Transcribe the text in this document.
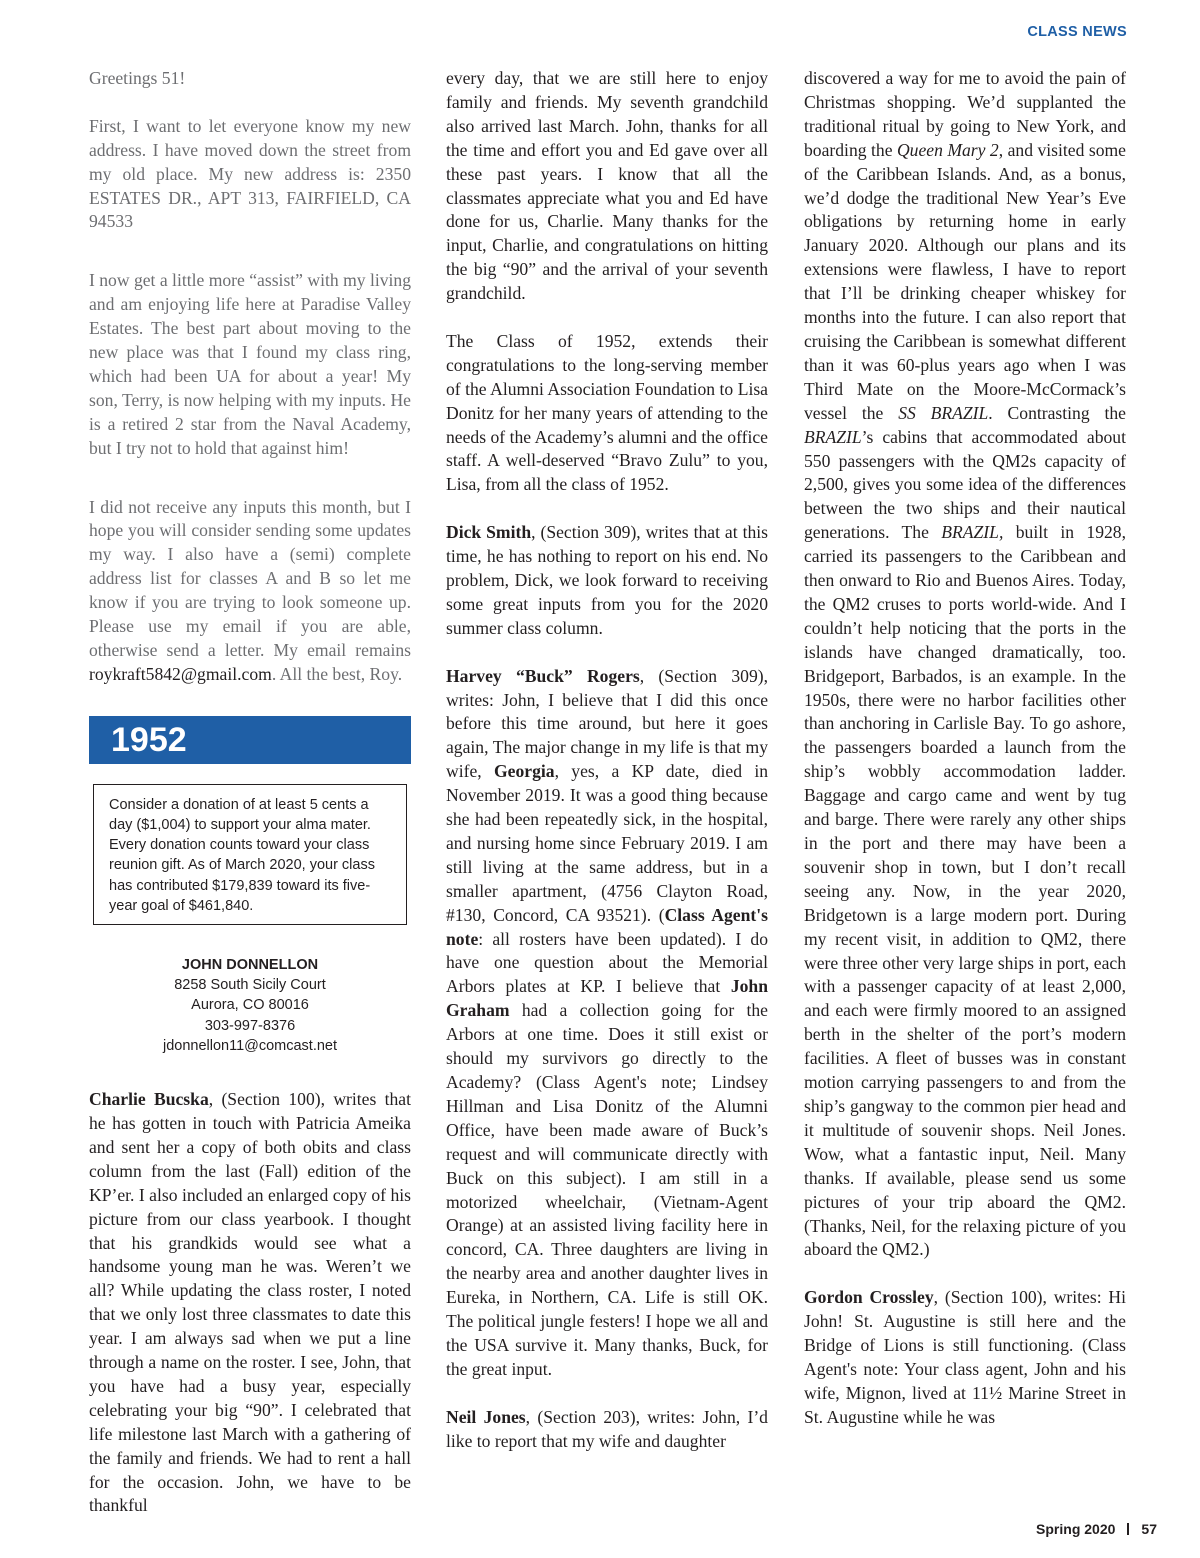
CLASS NEWS

Greetings 51!

First, I want to let everyone know my new address. I have moved down the street from my old place. My new address is: 2350 ESTATES DR., APT 313, FAIRFIELD, CA 94533

I now get a little more “assist” with my living and am enjoying life here at Paradise Valley Estates. The best part about moving to the new place was that I found my class ring, which had been UA for about a year! My son, Terry, is now helping with my inputs. He is a retired 2 star from the Naval Academy, but I try not to hold that against him!

I did not receive any inputs this month, but I hope you will consider sending some updates my way. I also have a (semi) complete address list for classes A and B so let me know if you are trying to look someone up. Please use my email if you are able, otherwise send a letter. My email remains roykraft5842@gmail.com. All the best, Roy.

1952
Consider a donation of at least 5 cents a day ($1,004) to support your alma mater. Every donation counts toward your class reunion gift. As of March 2020, your class has contributed $179,839 toward its five-year goal of $461,840.
JOHN DONNELLON
8258 South Sicily Court
Aurora, CO 80016
303-997-8376
jdonnellon11@comcast.net

Charlie Bucska, (Section 100), writes that he has gotten in touch with Patricia Ameika and sent her a copy of both obits and class column from the last (Fall) edition of the KP’er. I also included an enlarged copy of his picture from our class yearbook. I thought that his grandkids would see what a handsome young man he was. Weren’t we all? While updating the class roster, I noted that we only lost three classmates to date this year. I am always sad when we put a line through a name on the roster. I see, John, that you have had a busy year, especially celebrating your big “90”. I celebrated that life milestone last March with a gathering of the family and friends. We had to rent a hall for the occasion. John, we have to be thankful

every day, that we are still here to enjoy family and friends. My seventh grandchild also arrived last March. John, thanks for all the time and effort you and Ed gave over all these past years. I know that all the classmates appreciate what you and Ed have done for us, Charlie. Many thanks for the input, Charlie, and congratulations on hitting the big “90” and the arrival of your seventh grandchild.

The Class of 1952, extends their congratulations to the long-serving member of the Alumni Association Foundation to Lisa Donitz for her many years of attending to the needs of the Academy’s alumni and the office staff. A well-deserved “Bravo Zulu” to you, Lisa, from all the class of 1952.

Dick Smith, (Section 309), writes that at this time, he has nothing to report on his end. No problem, Dick, we look forward to receiving some great inputs from you for the 2020 summer class column.

Harvey “Buck” Rogers, (Section 309), writes: John, I believe that I did this once before this time around, but here it goes again, The major change in my life is that my wife, Georgia, yes, a KP date, died in November 2019. It was a good thing because she had been repeatedly sick, in the hospital, and nursing home since February 2019. I am still living at the same address, but in a smaller apartment, (4756 Clayton Road, #130, Concord, CA 93521). (Class Agent's note: all rosters have been updated). I do have one question about the Memorial Arbors plates at KP. I believe that John Graham had a collection going for the Arbors at one time. Does it still exist or should my survivors go directly to the Academy? (Class Agent's note; Lindsey Hillman and Lisa Donitz of the Alumni Office, have been made aware of Buck’s request and will communicate directly with Buck on this subject). I am still in a motorized wheelchair, (Vietnam-Agent Orange) at an assisted living facility here in concord, CA. Three daughters are living in the nearby area and another daughter lives in Eureka, in Northern, CA. Life is still OK. The political jungle festers! I hope we all and the USA survive it. Many thanks, Buck, for the great input.

Neil Jones, (Section 203), writes: John, I’d like to report that my wife and daughter

discovered a way for me to avoid the pain of Christmas shopping. We’d supplanted the traditional ritual by going to New York, and boarding the Queen Mary 2, and visited some of the Caribbean Islands. And, as a bonus, we’d dodge the traditional New Year’s Eve obligations by returning home in early January 2020. Although our plans and its extensions were flawless, I have to report that I’ll be drinking cheaper whiskey for months into the future. I can also report that cruising the Caribbean is somewhat different than it was 60-plus years ago when I was Third Mate on the Moore-McCormack’s vessel the SS BRAZIL. Contrasting the BRAZIL’s cabins that accommodated about 550 passengers with the QM2s capacity of 2,500, gives you some idea of the differences between the two ships and their nautical generations. The BRAZIL, built in 1928, carried its passengers to the Caribbean and then onward to Rio and Buenos Aires. Today, the QM2 cruses to ports world-wide. And I couldn’t help noticing that the ports in the islands have changed dramatically, too. Bridgeport, Barbados, is an example. In the 1950s, there were no harbor facilities other than anchoring in Carlisle Bay. To go ashore, the passengers boarded a launch from the ship’s wobbly accommodation ladder. Baggage and cargo came and went by tug and barge. There were rarely any other ships in the port and there may have been a souvenir shop in town, but I don’t recall seeing any. Now, in the year 2020, Bridgetown is a large modern port. During my recent visit, in addition to QM2, there were three other very large ships in port, each with a passenger capacity of at least 2,000, and each were firmly moored to an assigned berth in the shelter of the port’s modern facilities. A fleet of busses was in constant motion carrying passengers to and from the ship’s gangway to the common pier head and it multitude of souvenir shops. Neil Jones. Wow, what a fantastic input, Neil. Many thanks. If available, please send us some pictures of your trip aboard the QM2. (Thanks, Neil, for the relaxing picture of you aboard the QM2.)

Gordon Crossley, (Section 100), writes: Hi John! St. Augustine is still here and the Bridge of Lions is still functioning. (Class Agent's note: Your class agent, John and his wife, Mignon, lived at 11½ Marine Street in St. Augustine while he was

Spring 2020 57
